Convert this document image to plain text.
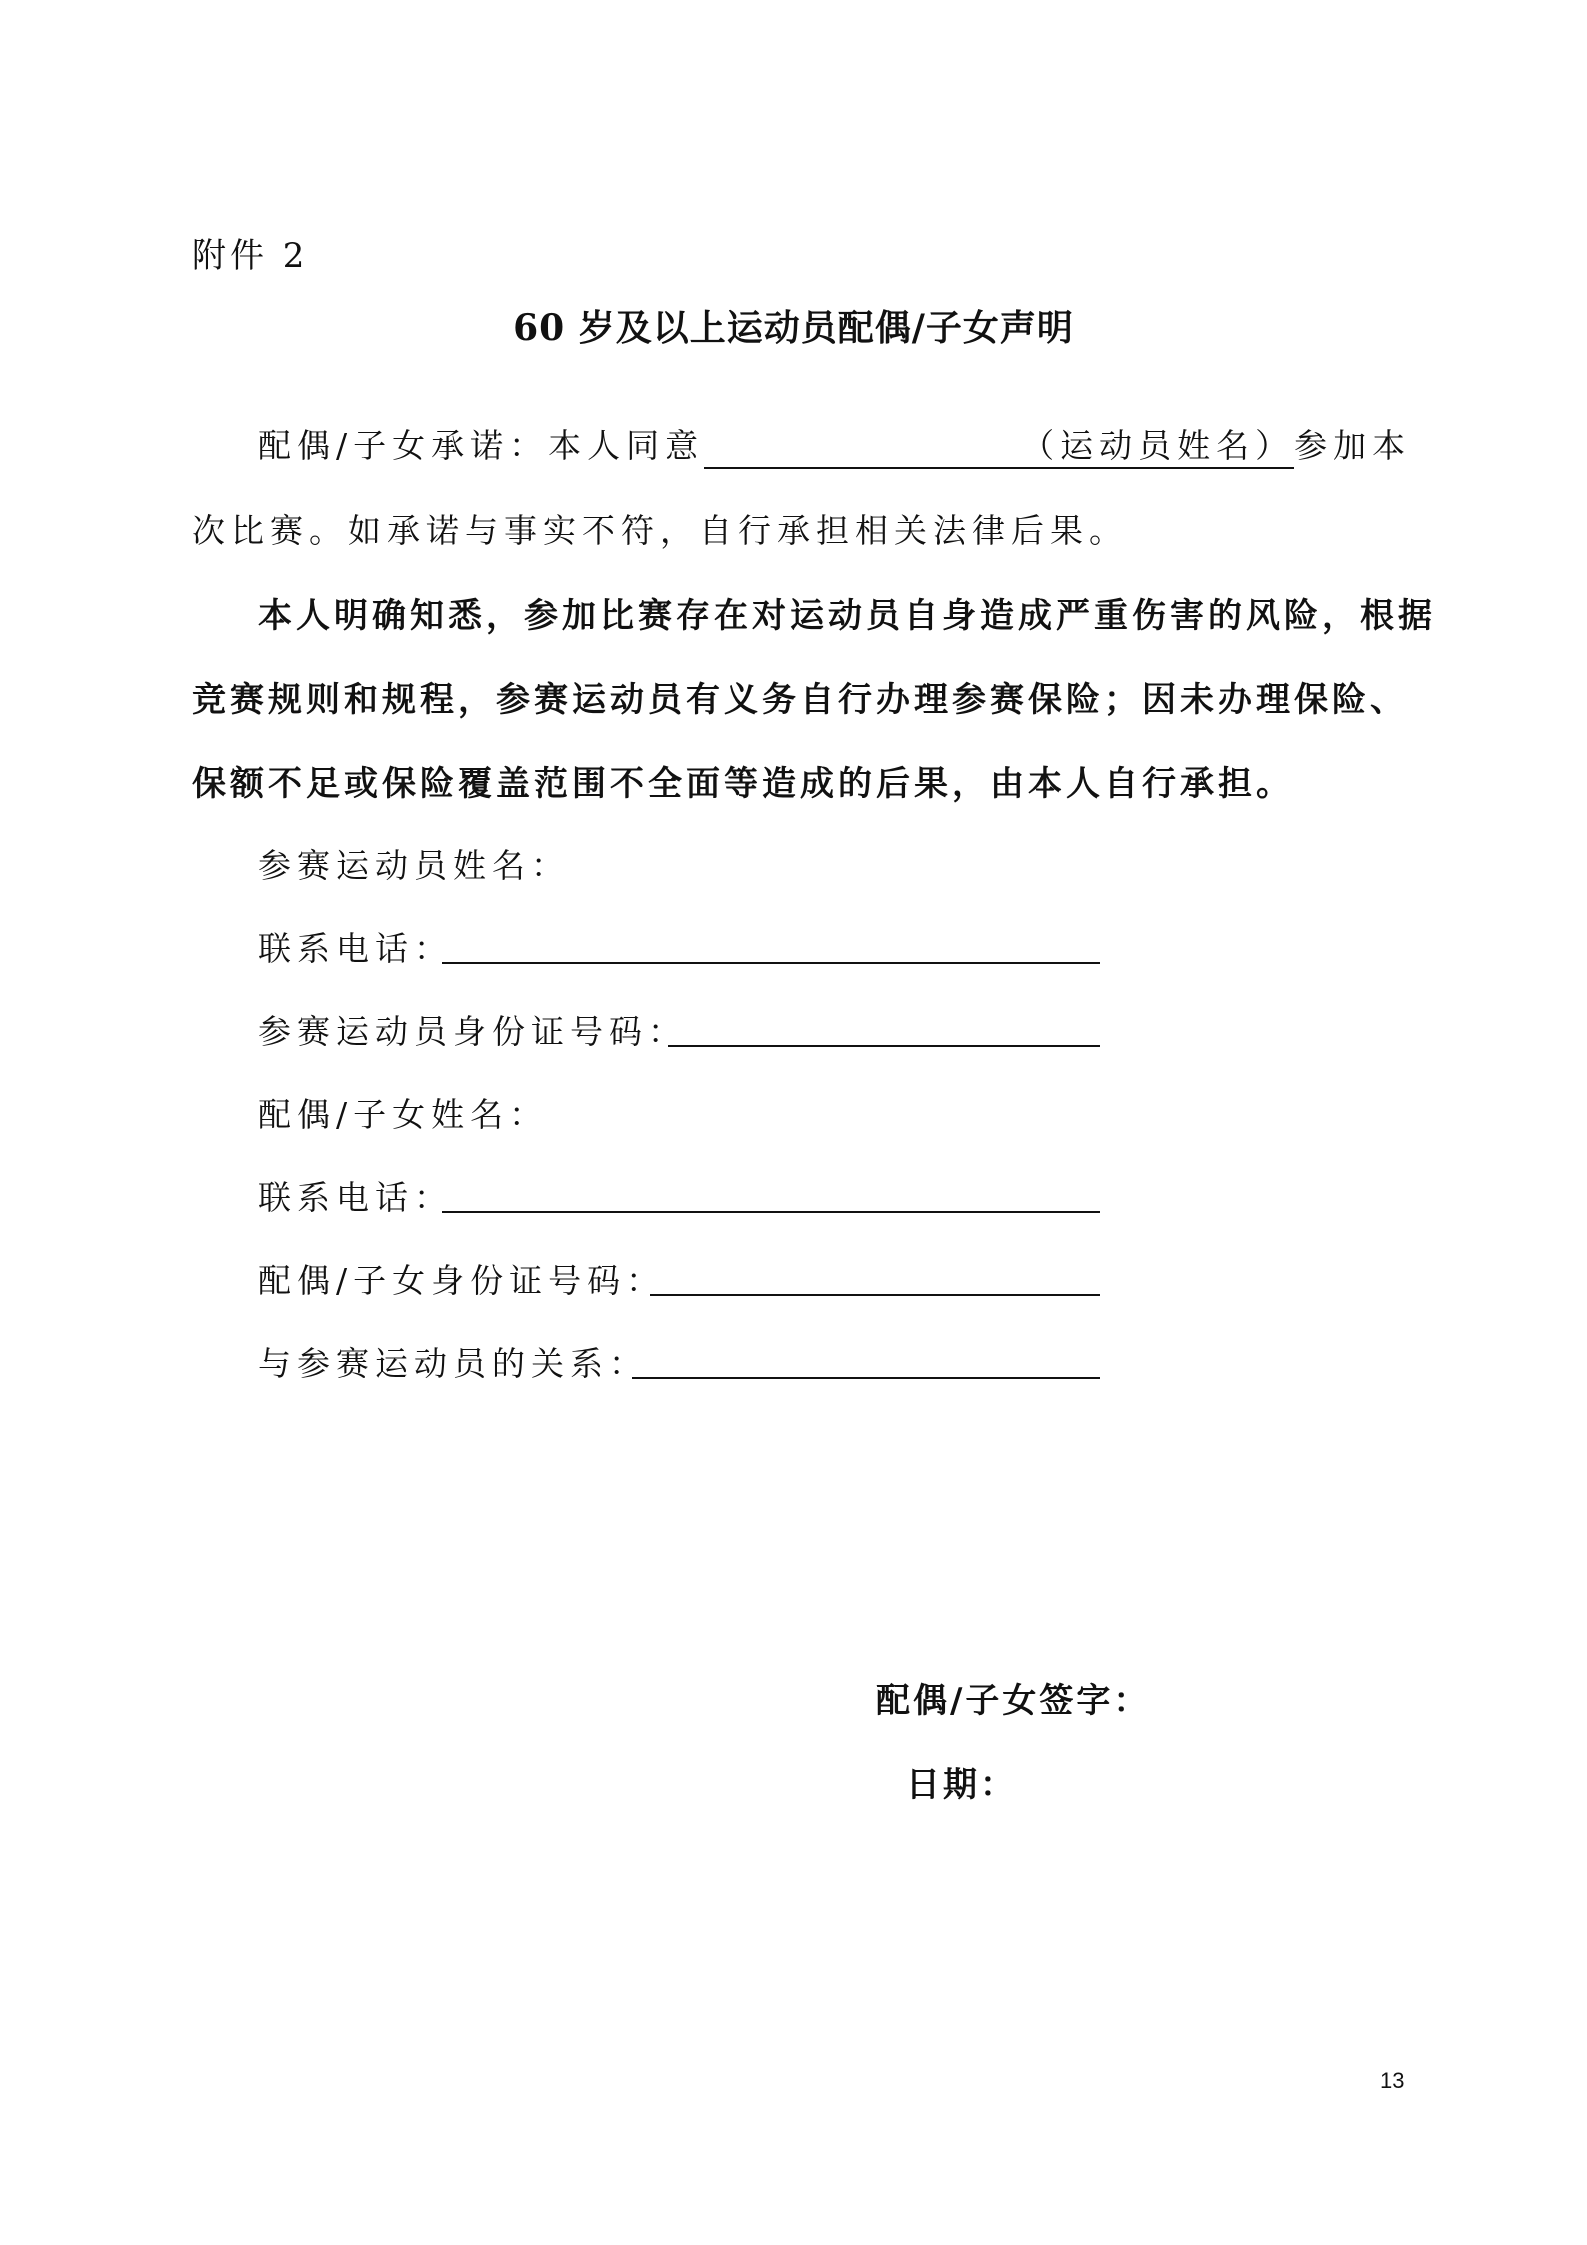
附件 2
60 岁及以上运动员配偶/子女声明
配偶/子女承诺：本人同意	（运动员姓名）参加本
次比赛。如承诺与事实不符，自行承担相关法律后果。
本人明确知悉，参加比赛存在对运动员自身造成严重伤害的风险，根据
竞赛规则和规程，参赛运动员有义务自行办理参赛保险；因未办理保险、
保额不足或保险覆盖范围不全面等造成的后果，由本人自行承担。
参赛运动员姓名：
联系电话：
参赛运动员身份证号码：
配偶/子女姓名：
联系电话：
配偶/子女身份证号码：
与参赛运动员的关系：
配偶/子女签字：
日期：
13
